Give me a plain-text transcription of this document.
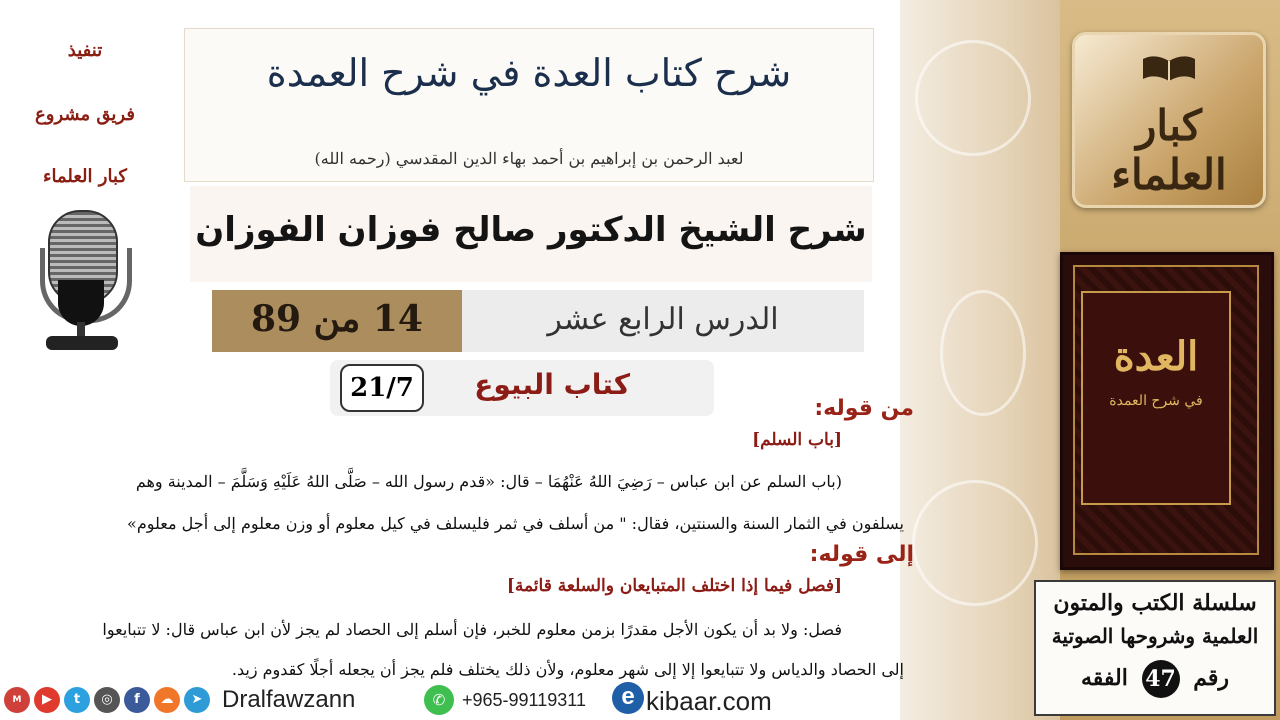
كبار العلماء
العدة
في شرح العمدة
سلسلة الكتب والمتون
العلمية وشروحها الصوتية
رقم 47 الفقه
تنفيذ
فريق مشروع
كبار العلماء
شرح كتاب العدة في شرح العمدة
لعبد الرحمن بن إبراهيم بن أحمد بهاء الدين المقدسي (رحمه الله)
شرح الشيخ الدكتور صالح فوزان الفوزان
الدرس الرابع عشر
14 من 89
كتاب البيوع
21/7
من قوله:
[باب السلم]
(باب السلم عن ابن عباس – رَضِيَ اللهُ عَنْهُمَا – قال: «قدم رسول الله – صَلَّى اللهُ عَلَيْهِ وَسَلَّمَ – المدينة وهم
يسلفون في الثمار السنة والسنتين، فقال: " من أسلف في ثمر فليسلف في كيل معلوم أو وزن معلوم إلى أجل معلوم»
إلى قوله:
[فصل فيما إذا اختلف المتبايعان والسلعة قائمة]
فصل: ولا بد أن يكون الأجل مقدرًا بزمن معلوم للخبر، فإن أسلم إلى الحصاد لم يجز لأن ابن عباس قال: لا تتبايعوا
إلى الحصاد والدياس ولا تتبايعوا إلا إلى شهر معلوم، ولأن ذلك يختلف فلم يجز أن يجعله أجلًا كقدوم زيد.
M	▶	t	◎	f	☁	➤ Dralfawzann	✆ +965-99119311	e kibaar.com
